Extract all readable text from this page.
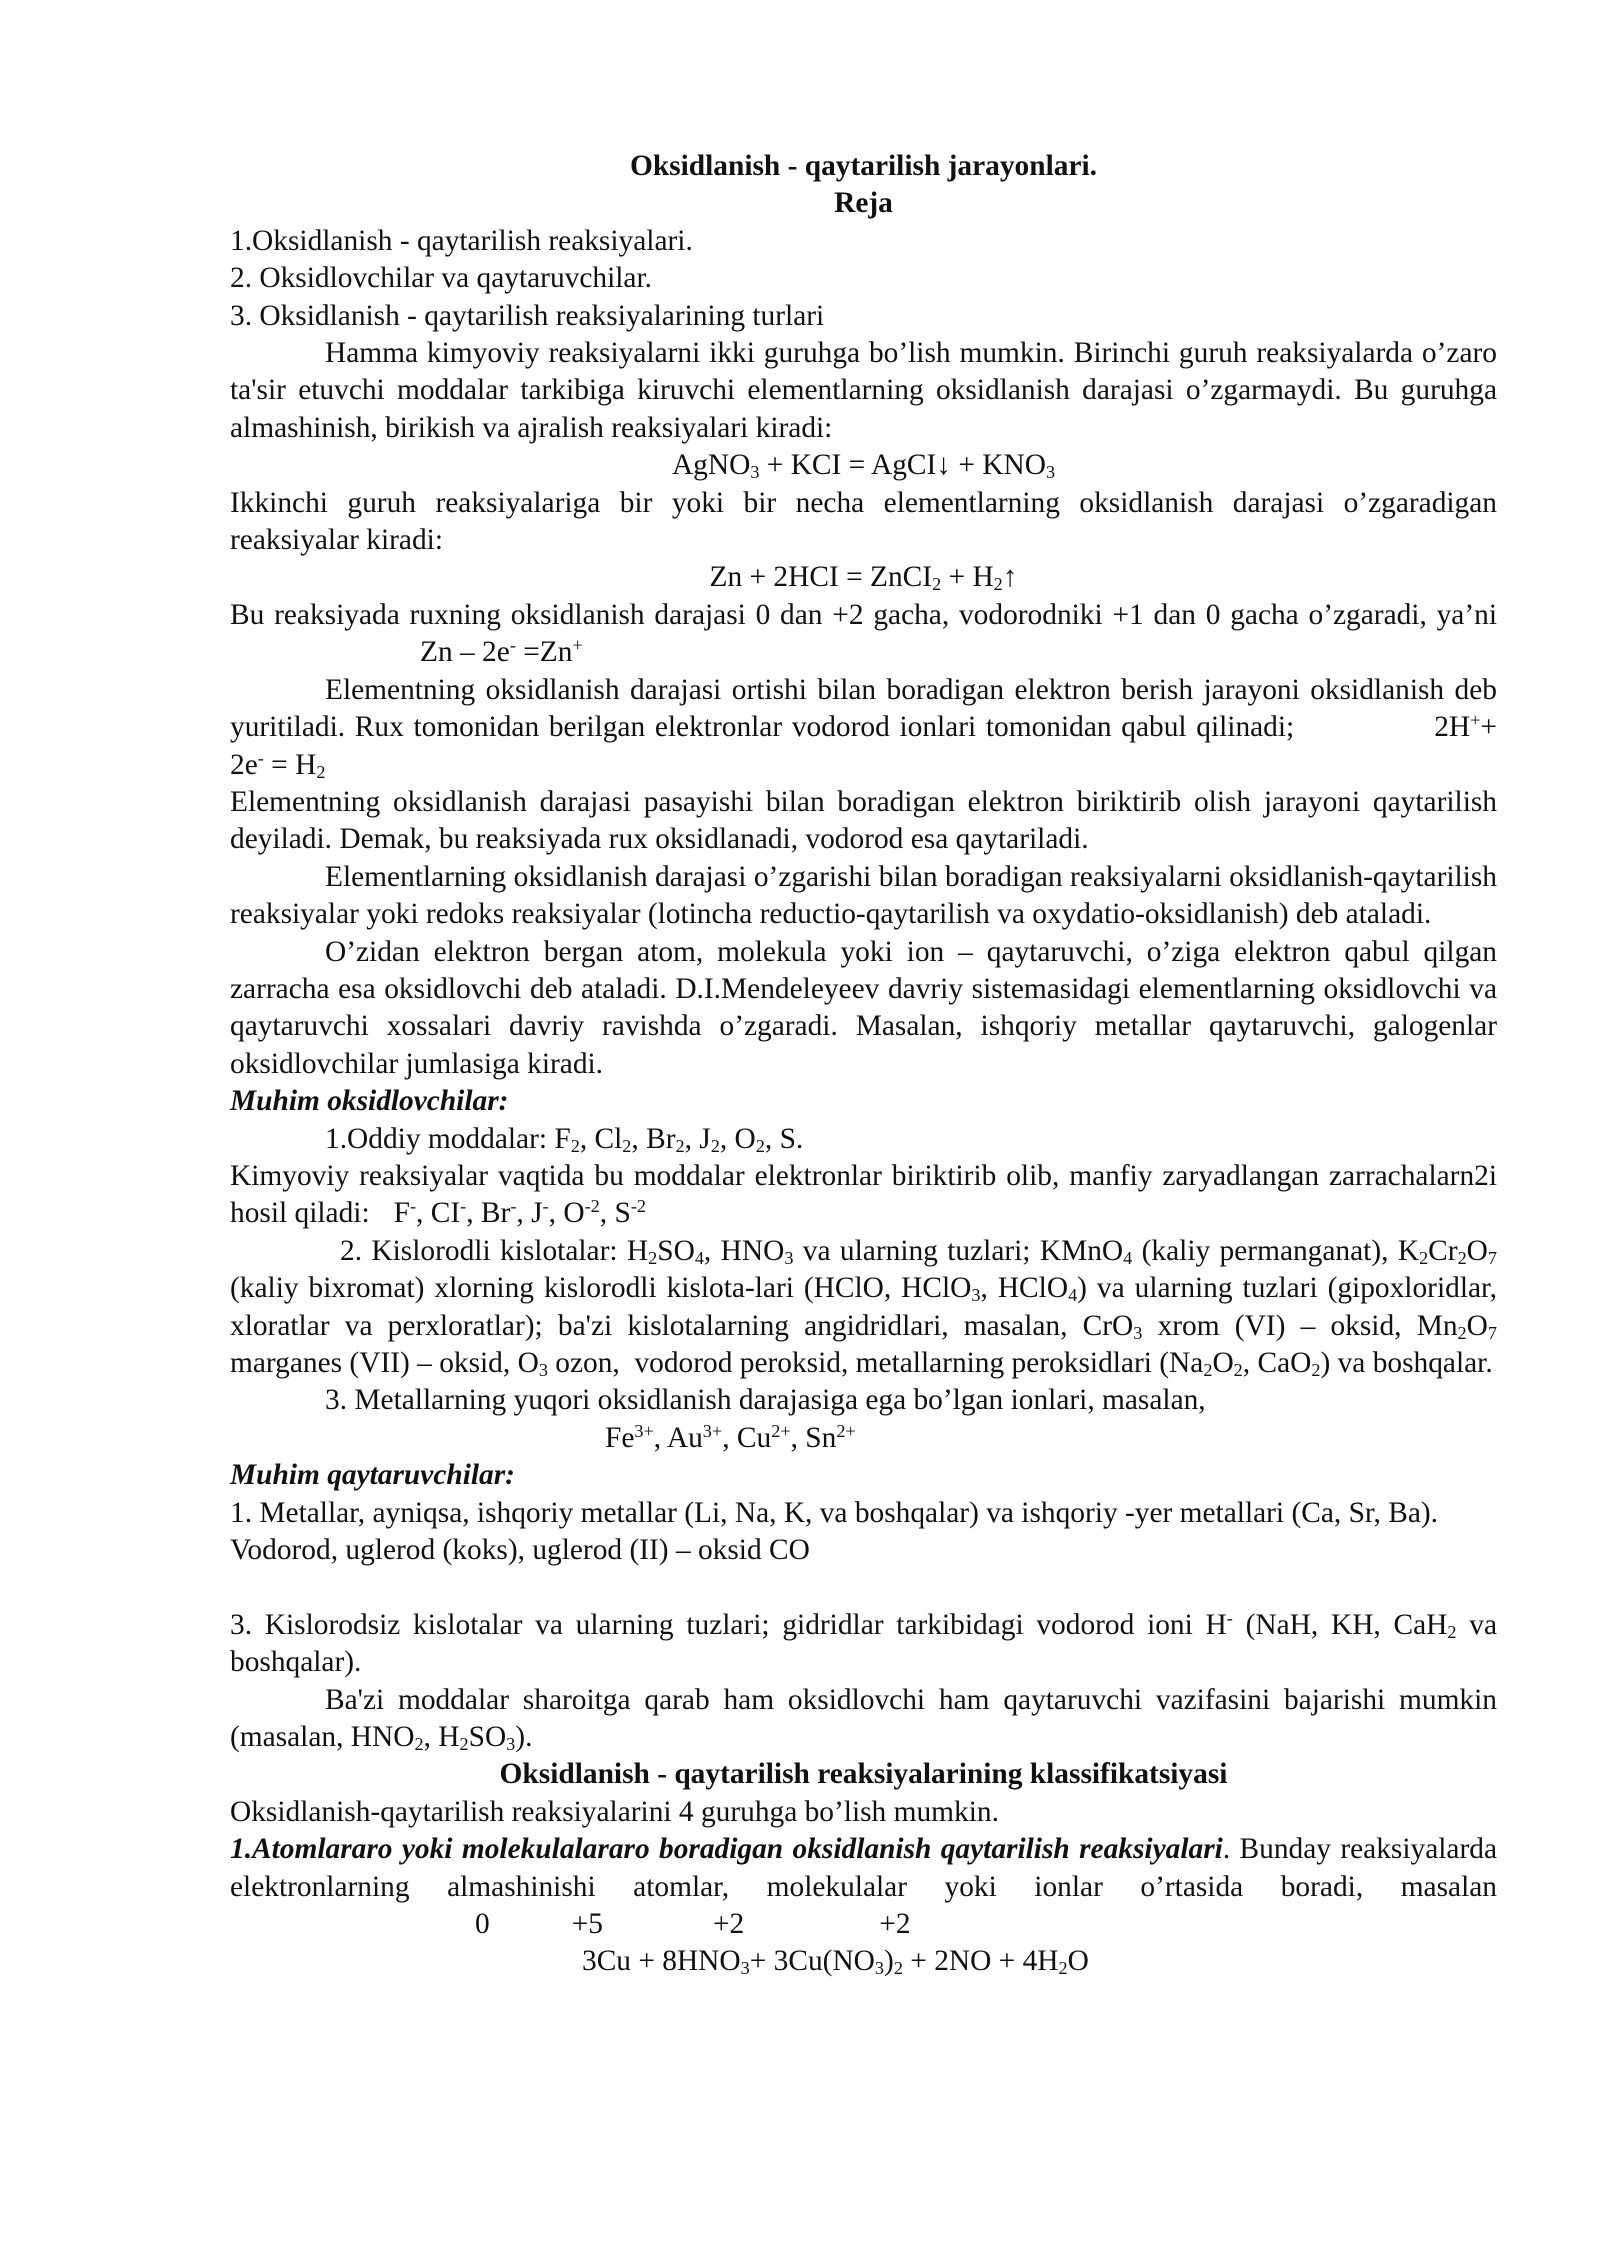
Oksidlanish - qaytarilish jarayonlari.

Reja

1.Oksidlanish - qaytarilish reaksiyalari.

2. Oksidlovchilar va qaytaruvchilar.

3. Oksidlanish - qaytarilish reaksiyalarining turlari

Hamma kimyoviy reaksiyalarni ikki guruhga bo’lish mumkin. Birinchi guruh reaksiyalarda o’zaro ta'sir etuvchi moddalar tarkibiga kiruvchi elementlarning oksidlanish darajasi o’zgarmaydi. Bu guruhga almashinish, birikish va ajralish reaksiyalari kiradi:

AgNO$_3$ + KCI = AgCI↓ + $KNO_3$

Ikkinchi guruh reaksiyalariga bir yoki bir necha elementlarning oksidlanish darajasi o’zgaradigan reaksiyalar kiradi:

Zn + 2HCI = ZnCI$_2$ + $H_2↑$

Bu reaksiyada ruxning oksidlanish darajasi 0 dan +2 gacha, vodorodniki +1 dan 0 gacha o’zgaradi, ya’niZn – 2e- =Zn+

Elementning oksidlanish darajasi ortishi bilan boradigan elektron berish jarayoni oksidlanish deb yuritiladi. Rux tomonidan berilgan elektronlar vodorod ionlari tomonidan qabul qilinadi;	$2H^++ 2e^- = H_2$

Elementning oksidlanish darajasi pasayishi bilan boradigan elektron biriktirib olish jarayoni qaytarilish deyiladi. Demak, bu reaksiyada rux oksidlanadi, vodorod esa qaytariladi.

Elementlarning oksidlanish darajasi o’zgarishi bilan boradigan reaksiyalarni oksidlanish-qaytarilish reaksiyalar yoki redoks reaksiyalar (lotincha reductio-qaytarilish va oxydatio-oksidlanish) deb ataladi.

O’zidan elektron bergan atom, molekula yoki ion – qaytaruvchi, o’ziga elektron qabul qilgan zarracha esa oksidlovchi deb ataladi. D.I.Mendeleyeev davriy sistemasidagi elementlarning oksidlovchi va qaytaruvchi xossalari davriy ravishda o’zgaradi. Masalan, ishqoriy metallar qaytaruvchi, galogenlar oksidlovchilar jumlasiga kiradi.

Muhim oksidlovchilar:

1.Oddiy moddalar: $F_2$, $Cl_2$, $Br_2$, $J_2$, $O_2$, S.

Kimyoviy reaksiyalar vaqtida bu moddalar elektronlar biriktirib olib, manfiy zaryadlangan zarrachalarn2i hosil qiladi: F-, CI-, Br-, J-, $O^{-2}$, $S^{-2}$

2. Kislorodli kislotalar: $H_2SO_4$, $HNO_3$ va ularning tuzlari; KMnO$_4$ (kaliy permanganat), $K_2Cr_2O_7$ (kaliy bixromat) xlorning kislorodli kislota-lari (HClO, HClO$_3$, HClO$_4$) va ularning tuzlari (gipoxloridlar, xloratlar va perxloratlar); ba'zi kislotalarning angidridlari, masalan, CrO$_3$ xrom (VI) – oksid, $Mn_2O_7$ marganes (VII) – oksid, $O_3$ ozon,  vodorod peroksid, metallarning peroksidlari ($Na_2O_2$, CaO$_2$) va boshqalar.

3. Metallarning yuqori oksidlanish darajasiga ega bo’lgan ionlari, masalan,

$Fe^{3+}$, $Au^{3+}$, $Cu^{2+}$, $Sn^{2+}$

Muhim qaytaruvchilar:

1. Metallar, ayniqsa, ishqoriy metallar (Li, Na, K, va boshqalar) va ishqoriy -yer metallari (Ca, Sr, Ba).

Vodorod, uglerod (koks), uglerod (II) – oksid CO

3. Kislorodsiz kislotalar va ularning tuzlari; gidridlar tarkibidagi vodorod ioni H- (NaH, KH, CaH$_2$ va boshqalar).

Ba'zi moddalar sharoitga qarab ham oksidlovchi ham qaytaruvchi vazifasini bajarishi mumkin (masalan, $HNO_2$, $H_2SO_3$).

Oksidlanish - qaytarilish reaksiyalarining klassifikatsiyasi

Oksidlanish-qaytarilish reaksiyalarini 4 guruhga bo’lish mumkin.

1.Atomlararo yoki molekulalararo boradigan oksidlanish qaytarilish reaksiyalari. Bunday reaksiyalarda elektronlarning almashinishi atomlar, molekulalar yoki ionlar o’rtasida boradi, masalan0	+5	+2	+2

$3Cu + 8HNO_3+ 3Cu(NO_3)_2 + 2NO + 4H_2O$
